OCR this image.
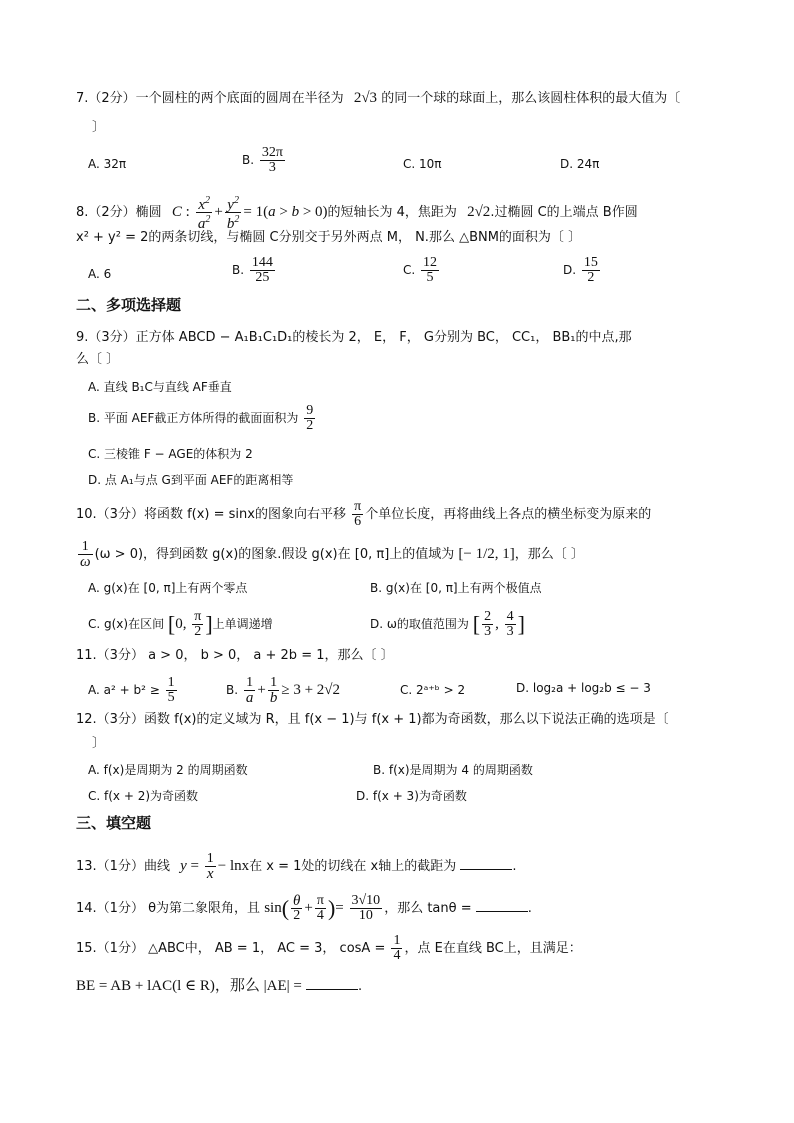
7.（2分）一个圆柱的两个底面的圆周在半径为 2√3 的同一个球的球面上，那么该圆柱体积的最大值为〔
〕
A. 32π	B. $\frac{32\pi}{3}$	C. 10π	D. 24π
8.（2分）椭圆 C : $\frac{x^2}{a^2} + \frac{y^2}{b^2} = 1(a > b > 0)$的短轴长为 4，焦距为 2√2.过椭圆 C的上端点 B作圆
x² + y² = 2的两条切线，与椭圆 C分别交于另外两点 M， N.那么 △BNM的面积为〔 〕
A. 6	B. $\frac{144}{25}$	C. $\frac{12}{5}$	D. $\frac{15}{2}$
二、多项选择题
9.（3分）正方体 ABCD − A₁B₁C₁D₁的棱长为 2， E， F， G分别为 BC， CC₁， BB₁的中点,那
么〔 〕
A. 直线 B₁C与直线 AF垂直
B. 平面 AEF截正方体所得的截面面积为 $\frac{9}{2}$
C. 三棱锥 F − AGE的体积为 2
D. 点 A₁与点 G到平面 AEF的距离相等
10.（3分）将函数 f(x) = sinx的图象向右平移 $\frac{\pi}{6}$ 个单位长度，再将曲线上各点的横坐标变为原来的
$\frac{1}{\omega} (\omega > 0)$，得到函数 g(x)的图象.假设 g(x)在 [0, π]上的值域为 [− 1/2, 1]，那么〔 〕
A. g(x)在 [0, π]上有两个零点	B. g(x)在 [0, π]上有两个极值点
C. g(x)在区间 [0, $\frac{\pi}{2}$ ]上单调递增	D. ω的取值范围为 [ $\frac{2}{3}$ , $\frac{4}{3}$ ]
11.（3分） a > 0， b > 0， a + 2b = 1，那么〔 〕
A. $a^2 + b^2 \ge \frac{1}{5}$	B. $\frac{1}{a} + \frac{1}{b} \ge 3 + 2√2$	C. 2ᵃ⁺ᵇ > 2	D. log₂a + log₂b ≤ − 3
12.（3分）函数 f(x)的定义域为 R，且 f(x − 1)与 f(x + 1)都为奇函数，那么以下说法正确的选项是〔
〕
A. f(x)是周期为 2 的周期函数	B. f(x)是周期为 4 的周期函数
C. f(x + 2)为奇函数	D. f(x + 3)为奇函数
三、填空题
13.（1分）曲线 $y = \frac{1}{x} - \ln x$在 x = 1处的切线在 x轴上的截距为	.
14.（1分） θ为第二象限角，且 $\sin( \frac{\theta}{2} + \frac{\pi}{4}$ )= $\frac{3√10}{10}$ ，那么 tanθ =	.
15.（1分） △ABC中， AB = 1， AC = 3， $\cos A = \frac{1}{4}$ ，点 E在直线 BC上，且满足：
BE = AB + lAC(l ∈ R)，那么 |AE| =	.
